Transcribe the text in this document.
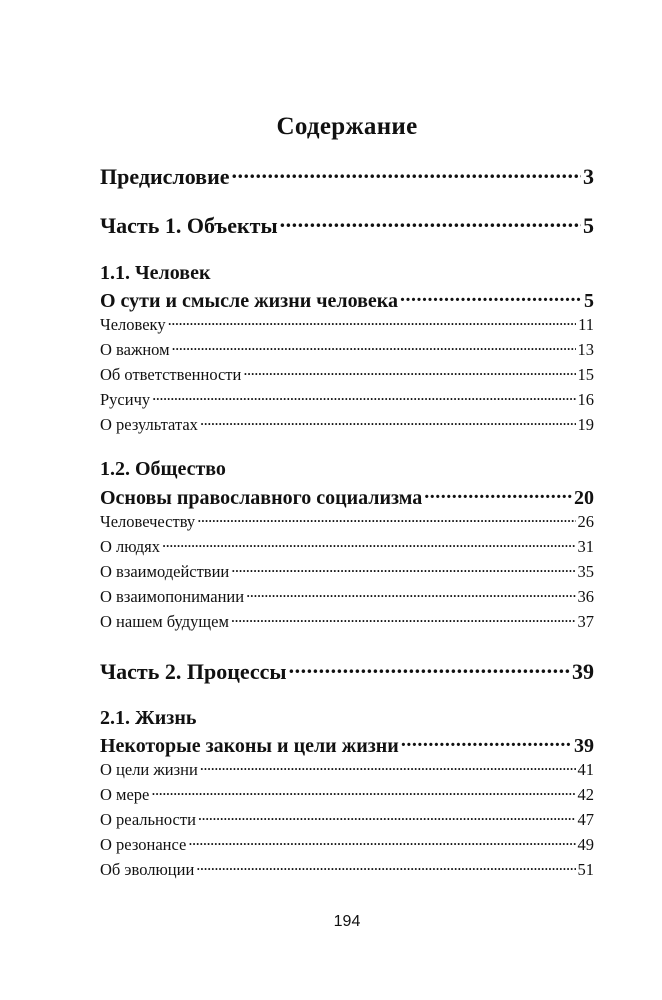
Содержание
Предисловие .....	3
Часть 1. Объекты .....	5
1.1. Человек
О сути и смысле жизни человека .....	5
Человеку .....	11
О важном .....	13
Об ответственности .....	15
Русичу .....	16
О результатах .....	19
1.2. Общество
Основы православного социализма .....	20
Человечеству .....	26
О людях .....	31
О взаимодействии .....	35
О взаимопонимании .....	36
О нашем будущем .....	37
Часть 2. Процессы .....	39
2.1. Жизнь
Некоторые законы и цели жизни .....	39
О цели жизни .....	41
О мере .....	42
О реальности .....	47
О резонансе .....	49
Об эволюции .....	51
194
